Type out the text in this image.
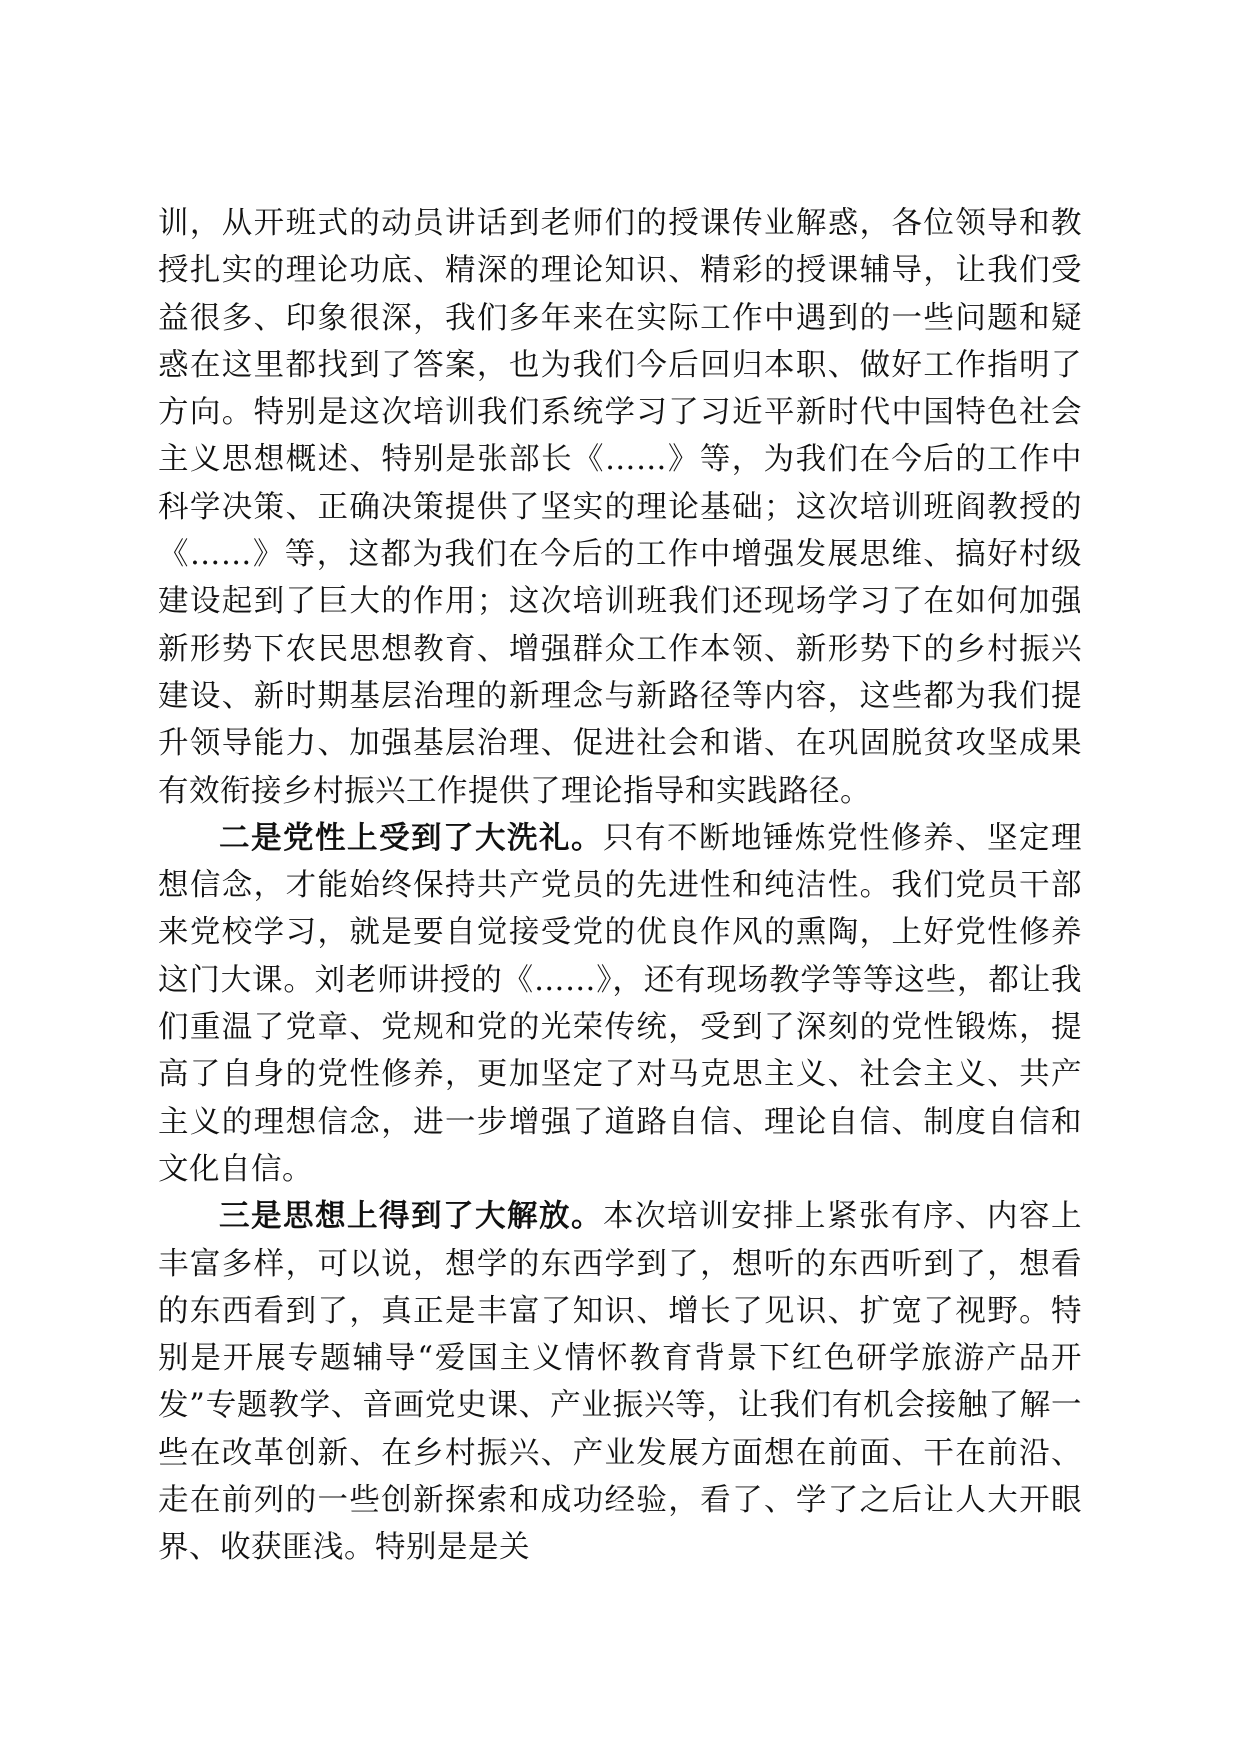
训，从开班式的动员讲话到老师们的授课传业解惑，各位领导和教授扎实的理论功底、精深的理论知识、精彩的授课辅导，让我们受益很多、印象很深，我们多年来在实际工作中遇到的一些问题和疑惑在这里都找到了答案，也为我们今后回归本职、做好工作指明了方向。特别是这次培训我们系统学习了习近平新时代中国特色社会主义思想概述、特别是张部长《……》等，为我们在今后的工作中科学决策、正确决策提供了坚实的理论基础；这次培训班阎教授的《……》等，这都为我们在今后的工作中增强发展思维、搞好村级建设起到了巨大的作用；这次培训班我们还现场学习了在如何加强新形势下农民思想教育、增强群众工作本领、新形势下的乡村振兴建设、新时期基层治理的新理念与新路径等内容，这些都为我们提升领导能力、加强基层治理、促进社会和谐、在巩固脱贫攻坚成果有效衔接乡村振兴工作提供了理论指导和实践路径。

二是党性上受到了大洗礼。只有不断地锤炼党性修养、坚定理想信念，才能始终保持共产党员的先进性和纯洁性。我们党员干部来党校学习，就是要自觉接受党的优良作风的熏陶，上好党性修养这门大课。刘老师讲授的《……》，还有现场教学等等这些，都让我们重温了党章、党规和党的光荣传统，受到了深刻的党性锻炼，提高了自身的党性修养，更加坚定了对马克思主义、社会主义、共产主义的理想信念，进一步增强了道路自信、理论自信、制度自信和文化自信。

三是思想上得到了大解放。本次培训安排上紧张有序、内容上丰富多样，可以说，想学的东西学到了，想听的东西听到了，想看的东西看到了，真正是丰富了知识、增长了见识、扩宽了视野。特别是开展专题辅导“爱国主义情怀教育背景下红色研学旅游产品开发”专题教学、音画党史课、产业振兴等，让我们有机会接触了解一些在改革创新、在乡村振兴、产业发展方面想在前面、干在前沿、走在前列的一些创新探索和成功经验，看了、学了之后让人大开眼界、收获匪浅。特别是是关
